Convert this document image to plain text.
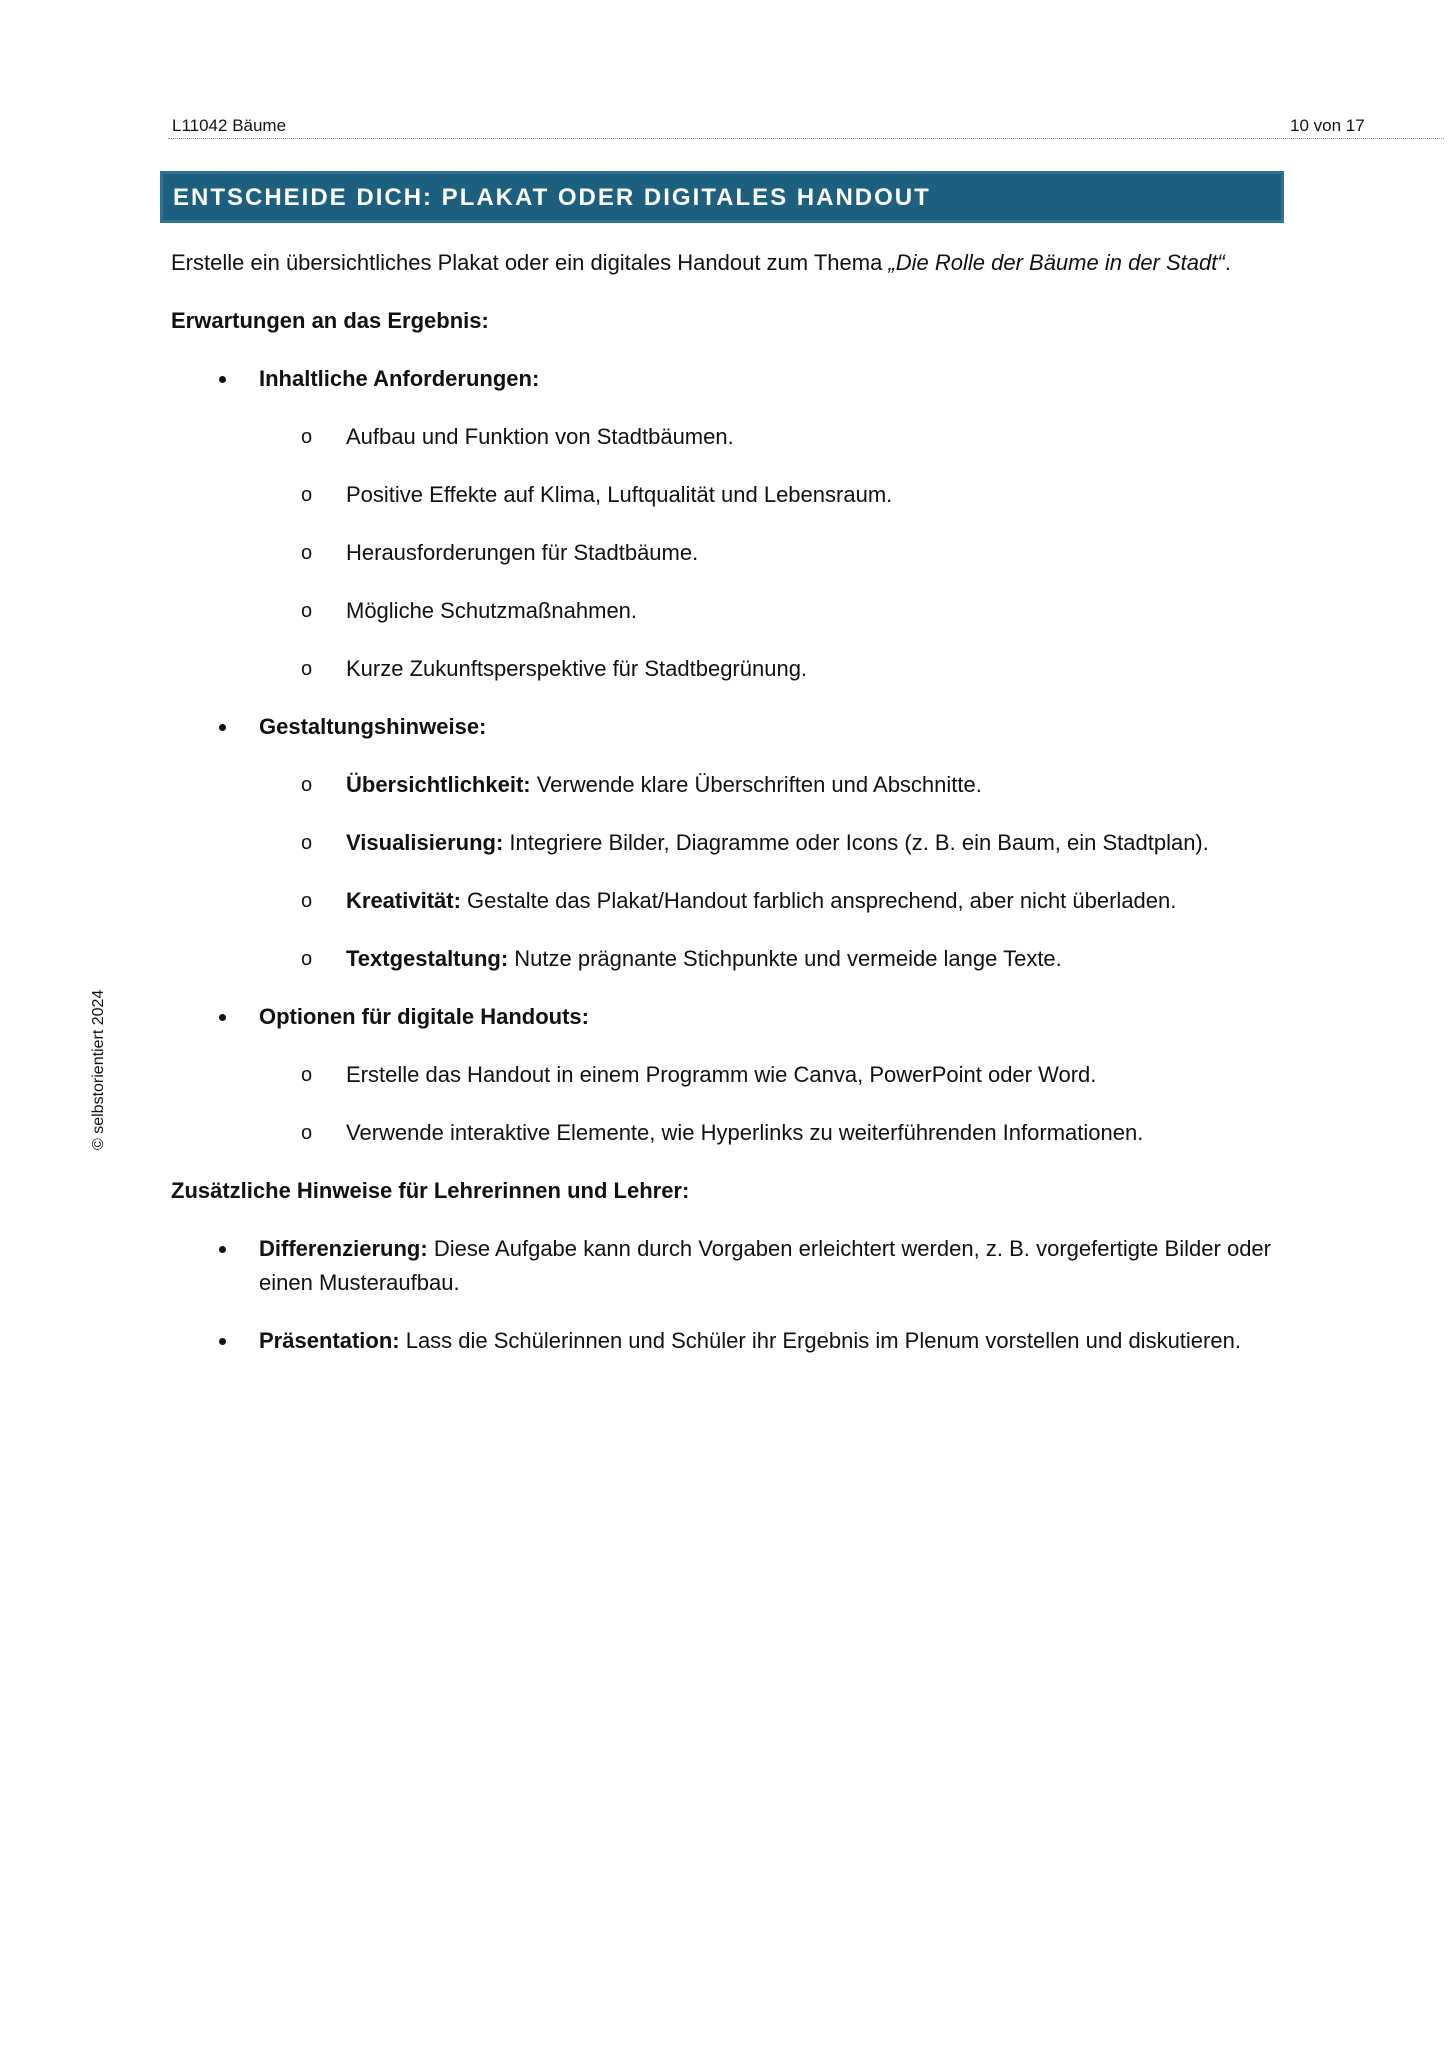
L11042 Bäume	10 von 17
ENTSCHEIDE DICH: PLAKAT ODER DIGITALES HANDOUT
© selbstorientiert 2024

Erstelle ein übersichtliches Plakat oder ein digitales Handout zum Thema „Die Rolle der Bäume in der Stadt“.

Erwartungen an das Ergebnis:

Inhaltliche Anforderungen:
o Aufbau und Funktion von Stadtbäumen.
o Positive Effekte auf Klima, Luftqualität und Lebensraum.
o Herausforderungen für Stadtbäume.
o Mögliche Schutzmaßnahmen.
o Kurze Zukunftsperspektive für Stadtbegrünung.
Gestaltungshinweise:
o Übersichtlichkeit: Verwende klare Überschriften und Abschnitte.
o Visualisierung: Integriere Bilder, Diagramme oder Icons (z. B. ein Baum, ein Stadtplan).
o Kreativität: Gestalte das Plakat/Handout farblich ansprechend, aber nicht überladen.
o Textgestaltung: Nutze prägnante Stichpunkte und vermeide lange Texte.
Optionen für digitale Handouts:
o Erstelle das Handout in einem Programm wie Canva, PowerPoint oder Word.
o Verwende interaktive Elemente, wie Hyperlinks zu weiterführenden Informationen.

Zusätzliche Hinweise für Lehrerinnen und Lehrer:

Differenzierung: Diese Aufgabe kann durch Vorgaben erleichtert werden, z. B. vorgefertigte Bilder oder einen Musteraufbau.
Präsentation: Lass die Schülerinnen und Schüler ihr Ergebnis im Plenum vorstellen und diskutieren.
